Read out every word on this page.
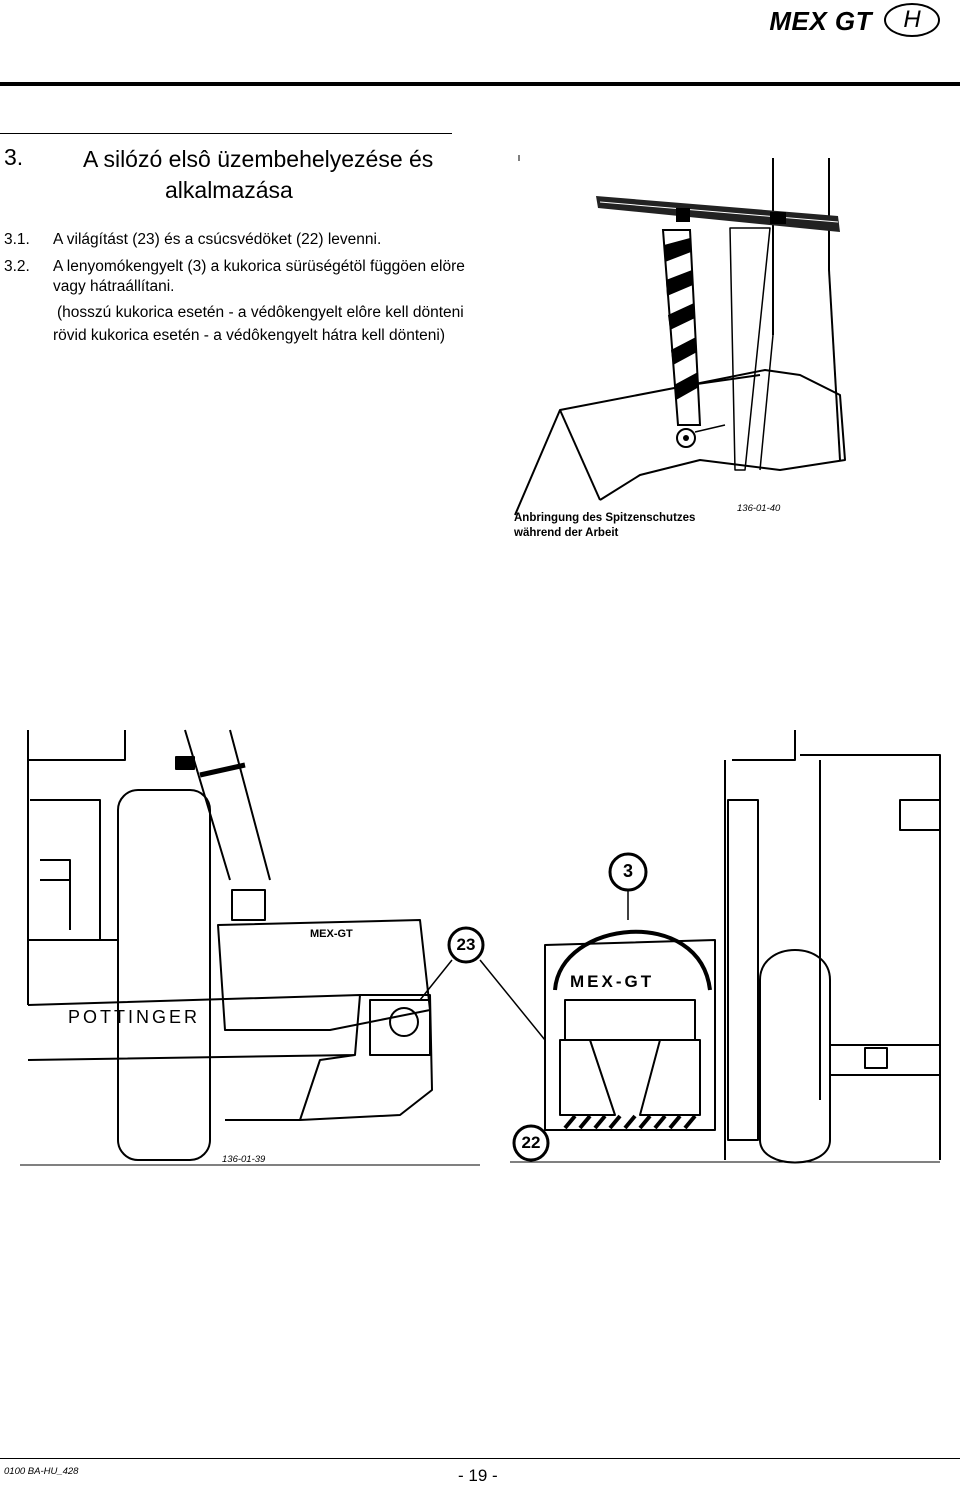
MEX GT	H
3.	A silózó elsô üzembehelyezése és
alkalmazása
3.1. A világítást (23) és a csúcsvédöket (22) levenni.
3.2. A lenyomókengyelt (3) a kukorica sürüségétöl függöen elöre
vagy hátraállítani.
(hosszú kukorica esetén - a védôkengyelt elôre kell dönteni
rövid kukorica esetén - a védôkengyelt hátra kell dönteni)
Anbringung des Spitzenschutzes
während der Arbeit
136-01-40
POTTINGER
MEX-GT
MEX-GT
3
23
22
136-01-39
0100 BA-HU_428	- 19 -
